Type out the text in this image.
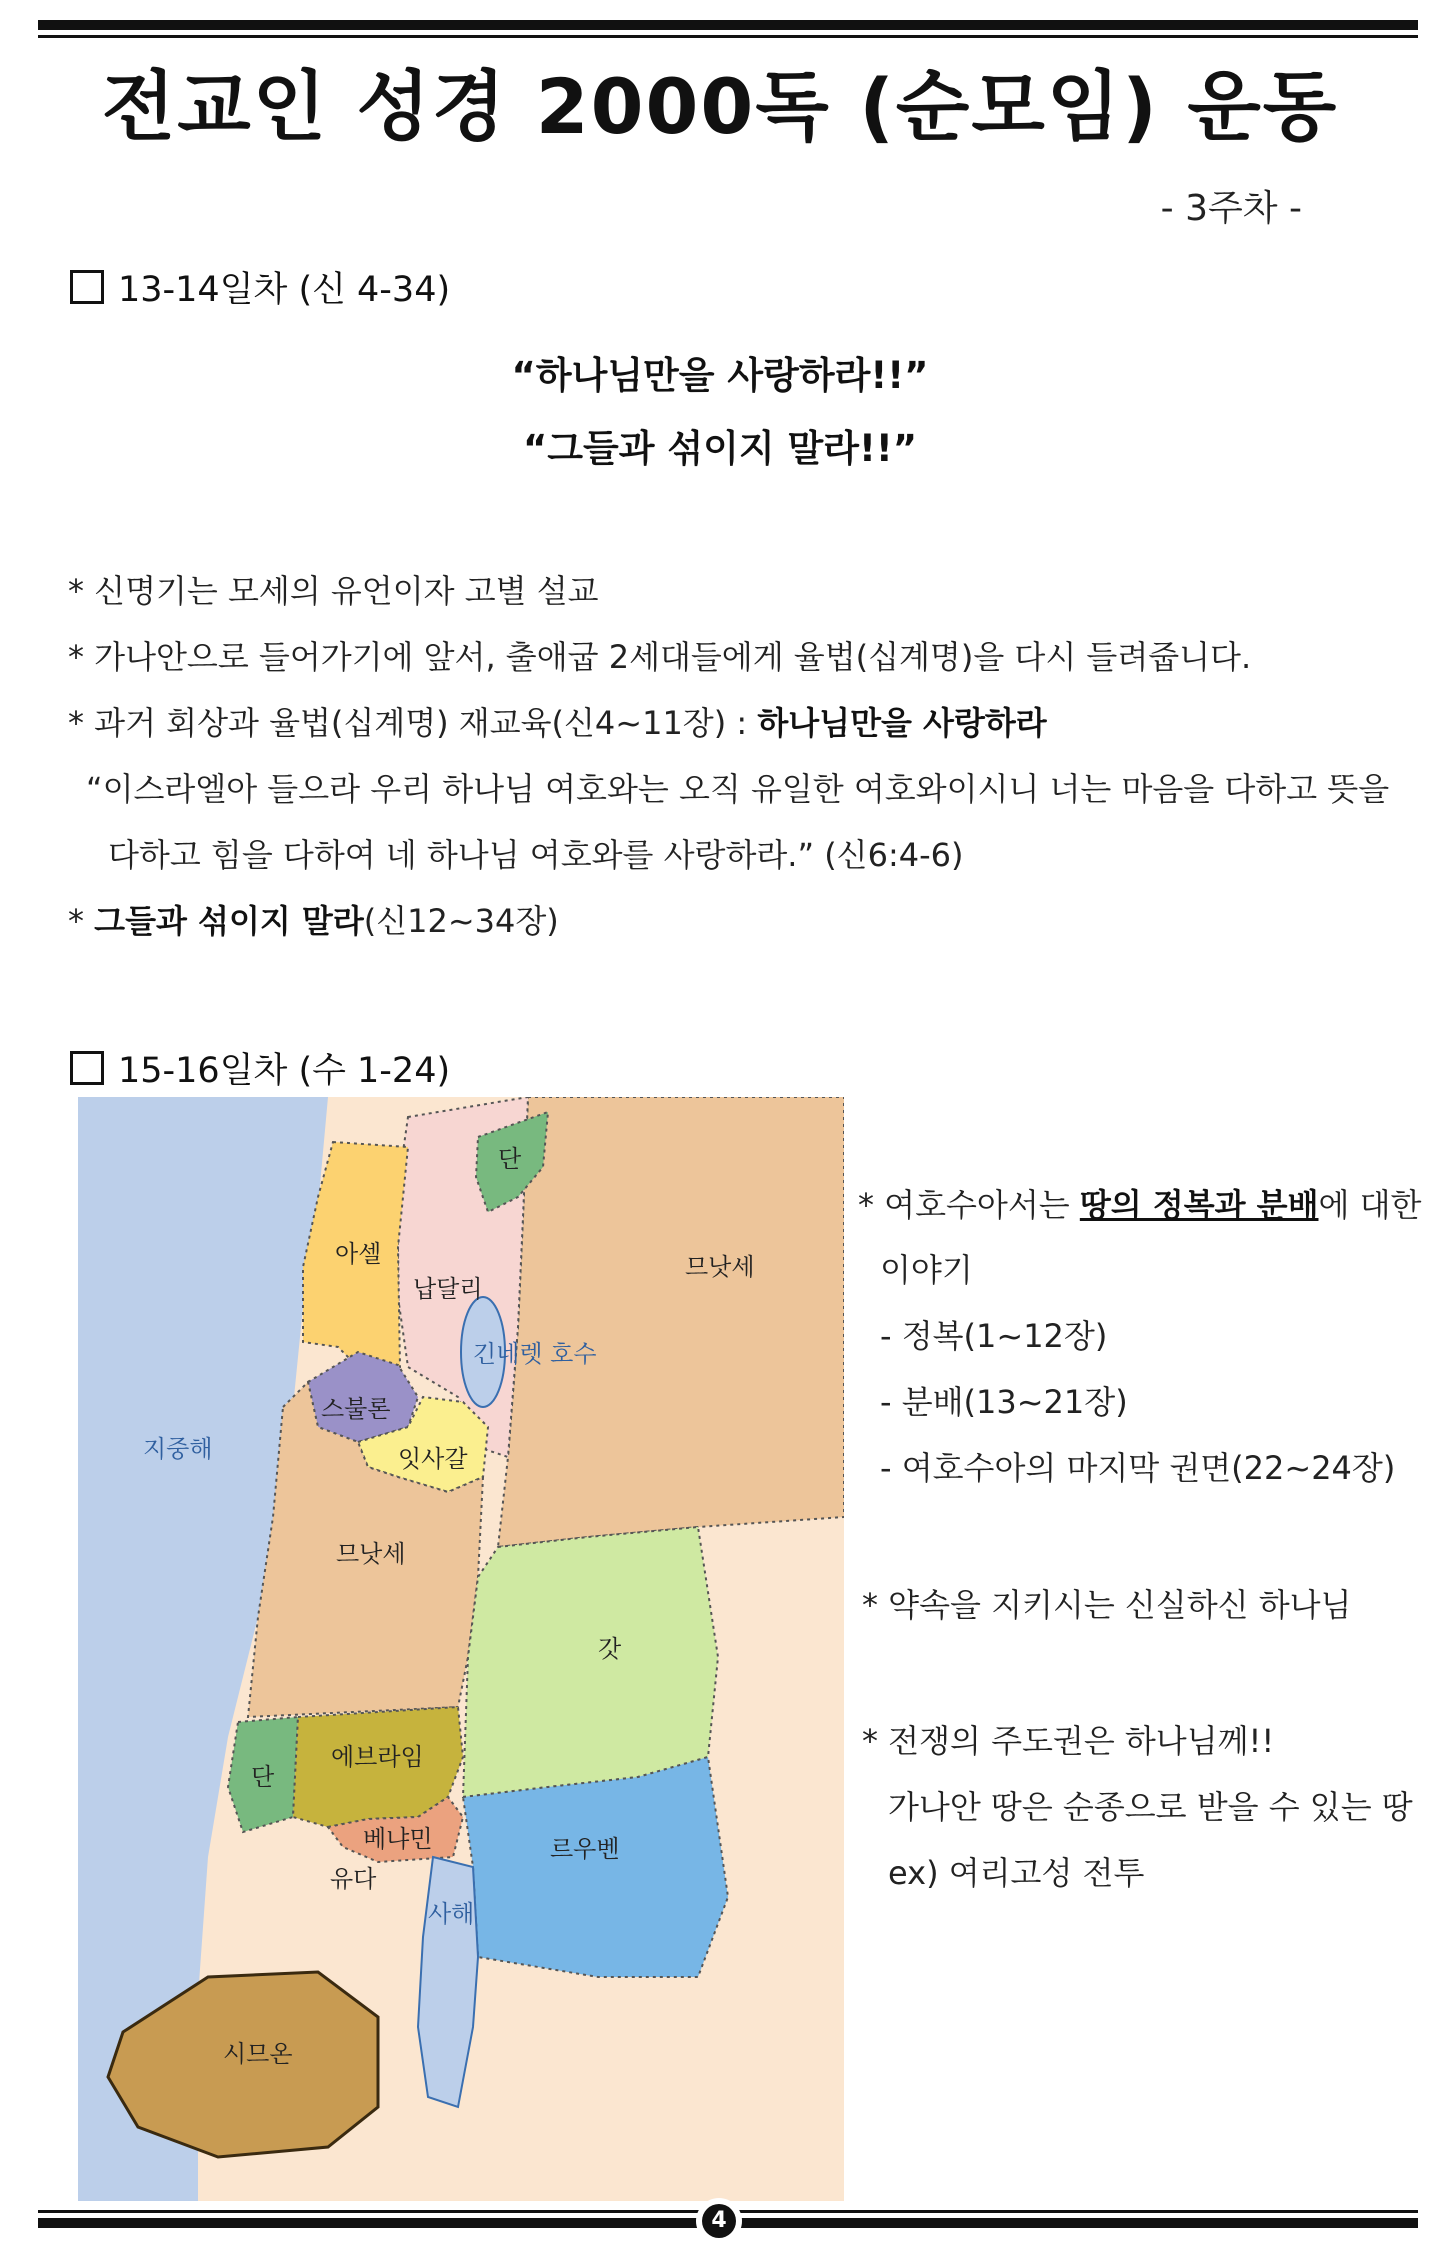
전교인 성경 2000독 (순모임) 운동
- 3주차 -
13-14일차 (신 4-34)
“하나님만을 사랑하라!!”
“그들과 섞이지 말라!!”
* 신명기는 모세의 유언이자 고별 설교
* 가나안으로 들어가기에 앞서, 출애굽 2세대들에게 율법(십계명)을 다시 들려줍니다.
* 과거 회상과 율법(십계명) 재교육(신4~11장) : 하나님만을 사랑하라
“이스라엘아 들으라 우리 하나님 여호와는 오직 유일한 여호와이시니 너는 마음을 다하고 뜻을
다하고 힘을 다하여 네 하나님 여호와를 사랑하라.” (신6:4-6)
* 그들과 섞이지 말라(신12~34장)
15-16일차 (수 1-24)
단
아셀
납달리
므낫세
긴네렛 호수
스불론
잇사갈
지중해
므낫세
갓
단
에브라임
베냐민	르우벤
유다
사해
시므온
* 여호수아서는 땅의 정복과 분배에 대한
이야기
- 정복(1~12장)
- 분배(13~21장)
- 여호수아의 마지막 권면(22~24장)
* 약속을 지키시는 신실하신 하나님
* 전쟁의 주도권은 하나님께!!
가나안 땅은 순종으로 받을 수 있는 땅
ex) 여리고성 전투
4
